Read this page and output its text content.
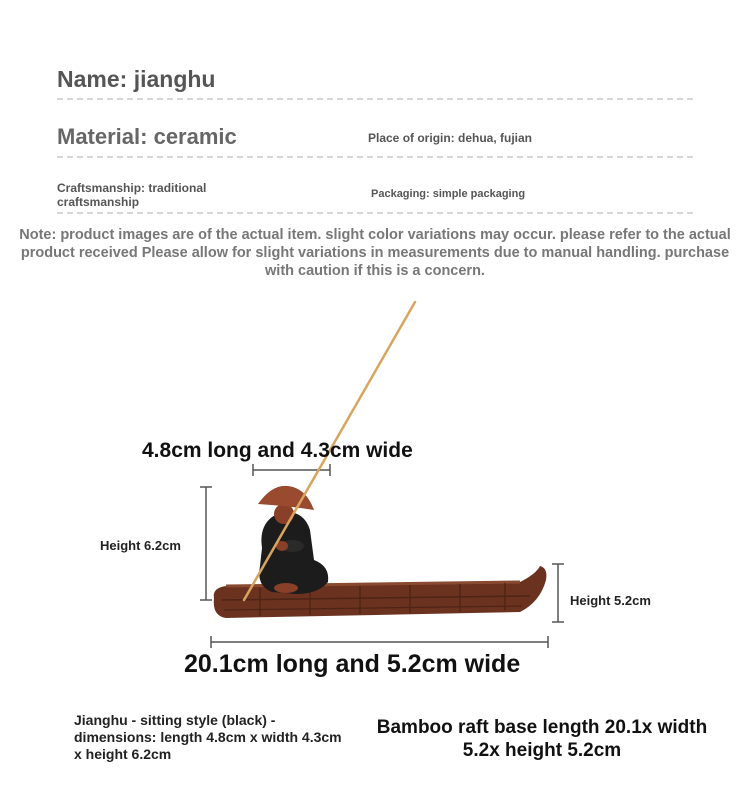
Name: jianghu
Material: ceramic	Place of origin: dehua, fujian
Craftsmanship: traditional craftsmanship
Packaging: simple packaging
Note: product images are of the actual item. slight color variations may occur. please refer to the actual product received Please allow for slight variations in measurements due to manual handling. purchase with caution if this is a concern.
4.8cm long and 4.3cm wide
Height 6.2cm
Height 5.2cm
20.1cm long and 5.2cm wide
Jianghu - sitting style (black) - dimensions: length 4.8cm x width 4.3cm x height 6.2cm
Bamboo raft base length 20.1x width 5.2x height 5.2cm
